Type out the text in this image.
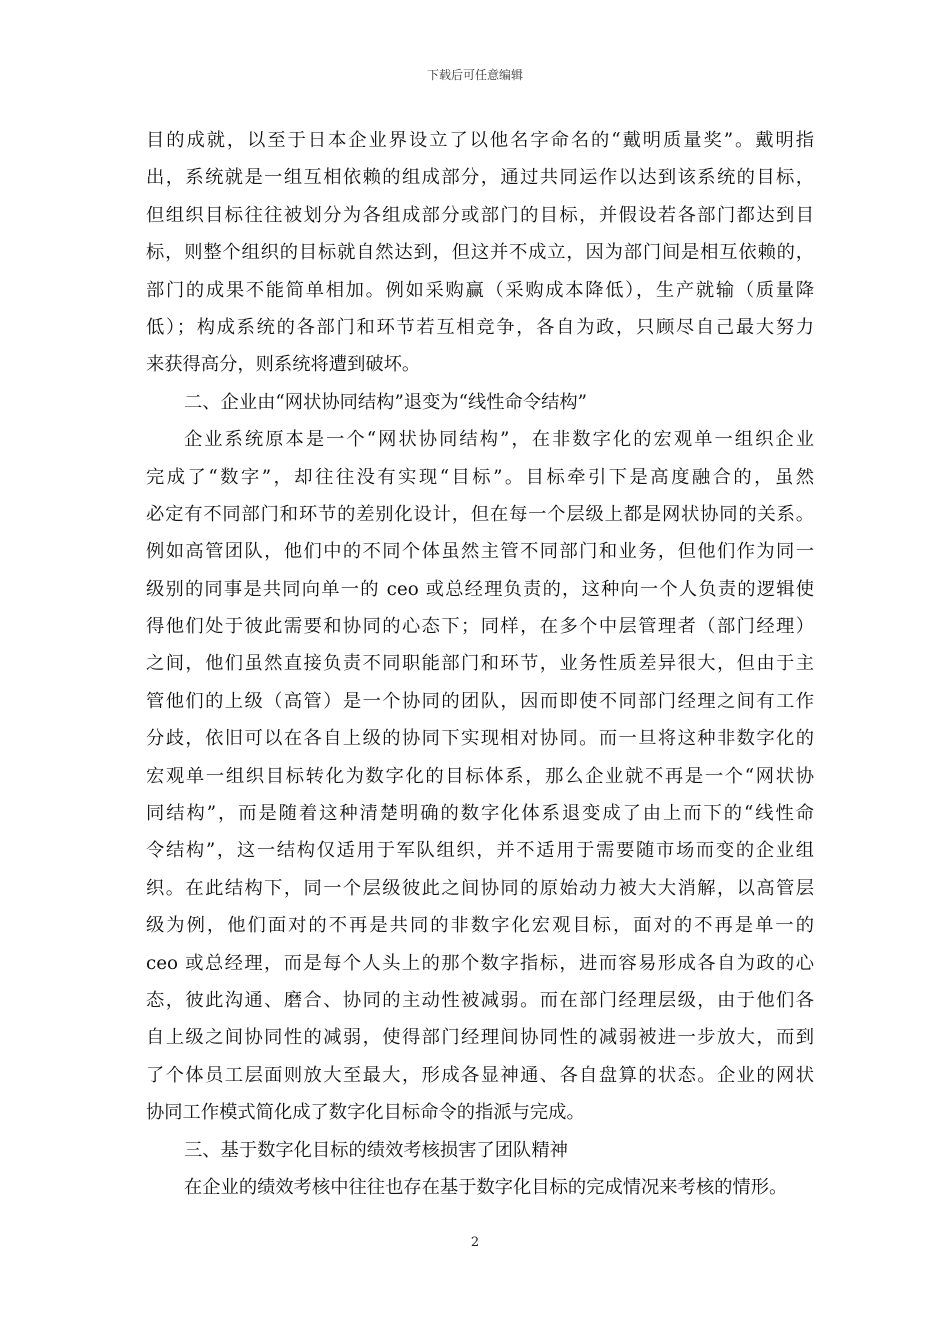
下载后可任意编辑
目的成就，以至于日本企业界设立了以他名字命名的“戴明质量奖”。戴明指
出，系统就是一组互相依赖的组成部分，通过共同运作以达到该系统的目标，
但组织目标往往被划分为各组成部分或部门的目标，并假设若各部门都达到目
标，则整个组织的目标就自然达到，但这并不成立，因为部门间是相互依赖的，
部门的成果不能简单相加。例如采购赢（采购成本降低），生产就输（质量降
低）；构成系统的各部门和环节若互相竞争，各自为政，只顾尽自己最大努力
来获得高分，则系统将遭到破坏。
二、企业由“网状协同结构”退变为“线性命令结构”
企业系统原本是一个“网状协同结构”，在非数字化的宏观单一组织企业
完成了“数字”，却往往没有实现“目标”。目标牵引下是高度融合的，虽然
必定有不同部门和环节的差别化设计，但在每一个层级上都是网状协同的关系。
例如高管团队，他们中的不同个体虽然主管不同部门和业务，但他们作为同一
级别的同事是共同向单一的 ceo 或总经理负责的，这种向一个人负责的逻辑使
得他们处于彼此需要和协同的心态下；同样，在多个中层管理者（部门经理）
之间，他们虽然直接负责不同职能部门和环节，业务性质差异很大，但由于主
管他们的上级（高管）是一个协同的团队，因而即使不同部门经理之间有工作
分歧，依旧可以在各自上级的协同下实现相对协同。而一旦将这种非数字化的
宏观单一组织目标转化为数字化的目标体系，那么企业就不再是一个“网状协
同结构”，而是随着这种清楚明确的数字化体系退变成了由上而下的“线性命
令结构”，这一结构仅适用于军队组织，并不适用于需要随市场而变的企业组
织。在此结构下，同一个层级彼此之间协同的原始动力被大大消解，以高管层
级为例，他们面对的不再是共同的非数字化宏观目标，面对的不再是单一的
ceo 或总经理，而是每个人头上的那个数字指标，进而容易形成各自为政的心
态，彼此沟通、磨合、协同的主动性被减弱。而在部门经理层级，由于他们各
自上级之间协同性的减弱，使得部门经理间协同性的减弱被进一步放大，而到
了个体员工层面则放大至最大，形成各显神通、各自盘算的状态。企业的网状
协同工作模式简化成了数字化目标命令的指派与完成。
三、基于数字化目标的绩效考核损害了团队精神
在企业的绩效考核中往往也存在基于数字化目标的完成情况来考核的情形。
2
